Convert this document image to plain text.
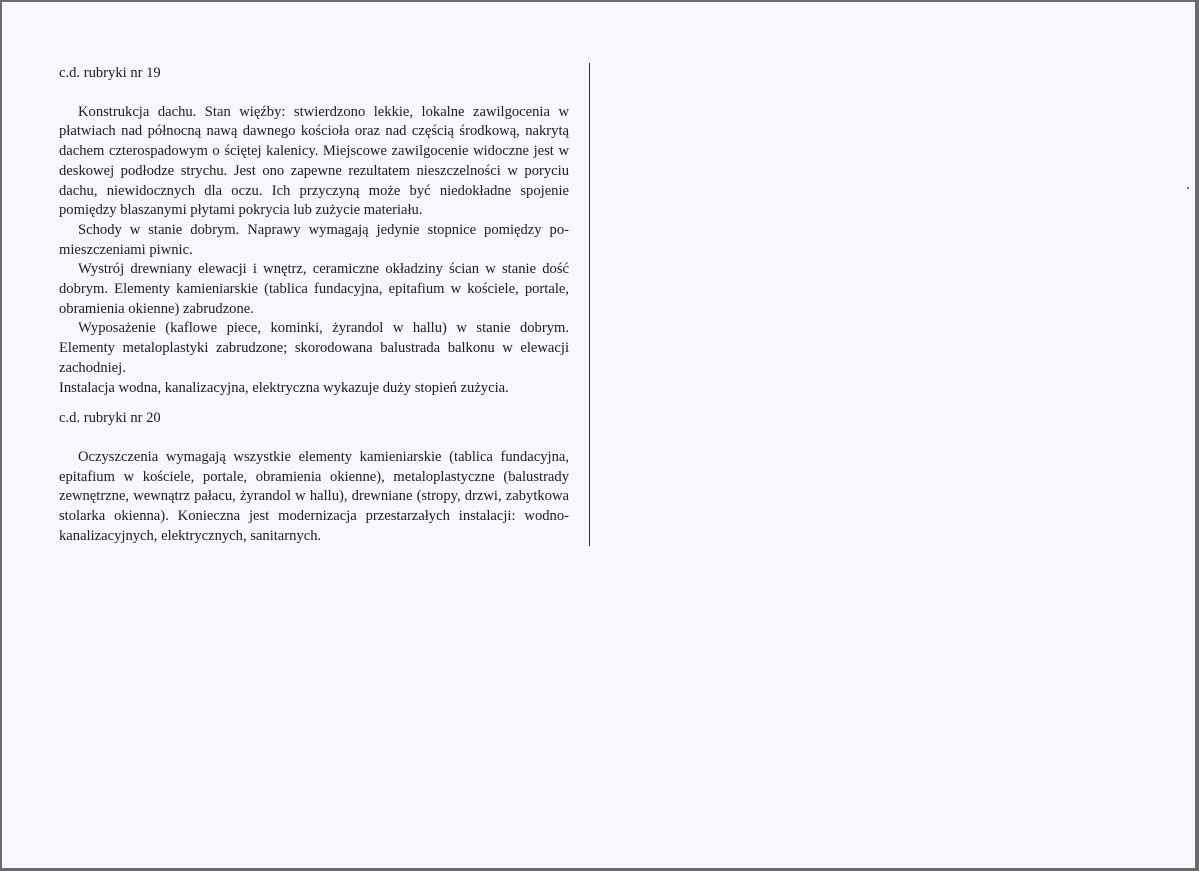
c.d. rubryki nr 19

Konstrukcja dachu. Stan więźby: stwierdzono lekkie, lokalne zawilgocenia w płatwiach nad północną nawą dawnego kościoła oraz nad częścią środkową, nakrytą dachem czterospadowym o ściętej kalenicy. Miejscowe zawilgocenie widoczne jest w deskowej podłodze strychu. Jest ono zapewne rezultatem nieszczelności w poryciu dachu, niewidocznych dla oczu. Ich przyczyną może być niedokładne spojenie pomiędzy blaszanymi płytami pokrycia lub zużycie materiału.

Schody w stanie dobrym. Naprawy wymagają jedynie stopnice pomiędzy pomieszczeniami piwnic.

Wystrój drewniany elewacji i wnętrz, ceramiczne okładziny ścian w stanie dość dobrym. Elementy kamieniarskie (tablica fundacyjna, epitafium w kościele, portale, obramienia okienne) zabrudzone.

Wyposażenie (kaflowe piece, kominki, żyrandol w hallu) w stanie dobrym. Elementy metaloplastyki zabrudzone; skorodowana balustrada balkonu w elewacji zachodniej.

Instalacja wodna, kanalizacyjna, elektryczna wykazuje duży stopień zużycia.

c.d. rubryki nr 20

Oczyszczenia wymagają wszystkie elementy kamieniarskie (tablica fundacyjna, epitafium w kościele, portale, obramienia okienne), metaloplastyczne (balustrady zewnętrzne, wewnątrz pałacu, żyrandol w hallu), drewniane (stropy, drzwi, zabytkowa stolarka okienna). Konieczna jest modernizacja przestarzałych instalacji: wodno-kanalizacyjnych, elektrycznych, sanitarnych.
